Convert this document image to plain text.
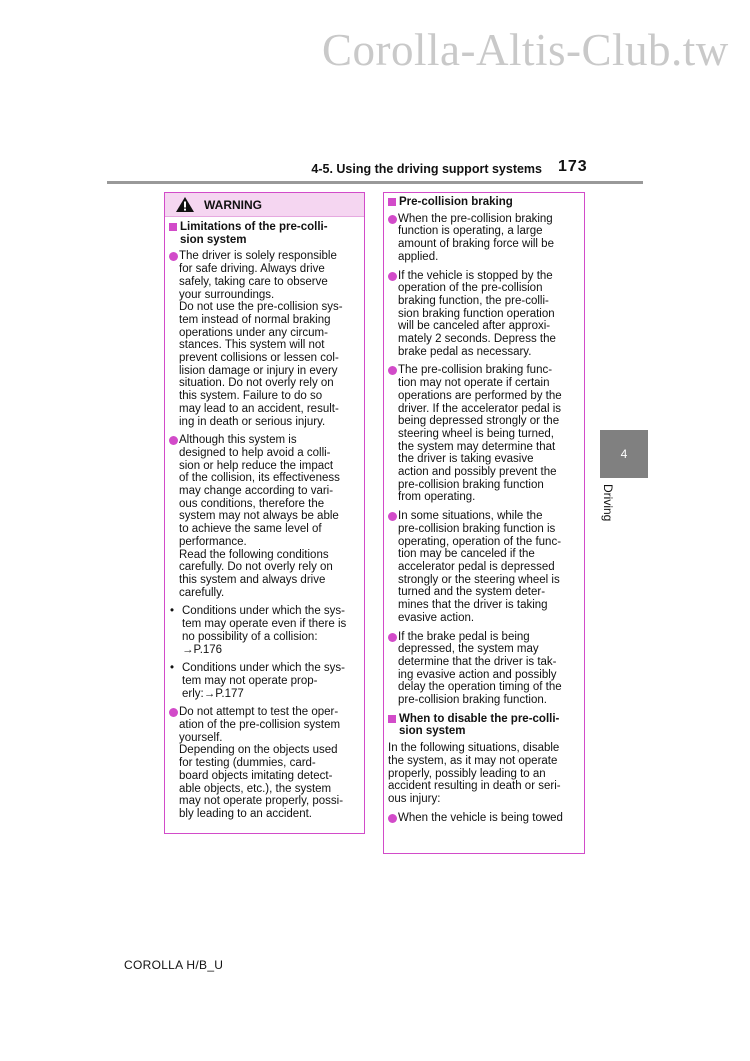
Corolla-Altis-Club.tw
4-5. Using the driving support systems 173
WARNING
Limitations of the pre-colli-
sion system
The driver is solely responsible
for safe driving. Always drive
safely, taking care to observe
your surroundings.
Do not use the pre-collision sys-
tem instead of normal braking
operations under any circum-
stances. This system will not
prevent collisions or lessen col-
lision damage or injury in every
situation. Do not overly rely on
this system. Failure to do so
may lead to an accident, result-
ing in death or serious injury.
Although this system is
designed to help avoid a colli-
sion or help reduce the impact
of the collision, its effectiveness
may change according to vari-
ous conditions, therefore the
system may not always be able
to achieve the same level of
performance.
Read the following conditions
carefully. Do not overly rely on
this system and always drive
carefully.
• Conditions under which the sys-
tem may operate even if there is
no possibility of a collision:
→P.176
• Conditions under which the sys-
tem may not operate prop-
erly:→P.177
Do not attempt to test the oper-
ation of the pre-collision system
yourself.
Depending on the objects used
for testing (dummies, card-
board objects imitating detect-
able objects, etc.), the system
may not operate properly, possi-
bly leading to an accident.
Pre-collision braking
When the pre-collision braking
function is operating, a large
amount of braking force will be
applied.
If the vehicle is stopped by the
operation of the pre-collision
braking function, the pre-colli-
sion braking function operation
will be canceled after approxi-
mately 2 seconds. Depress the
brake pedal as necessary.
The pre-collision braking func-
tion may not operate if certain
operations are performed by the
driver. If the accelerator pedal is
being depressed strongly or the
steering wheel is being turned,
the system may determine that
the driver is taking evasive
action and possibly prevent the
pre-collision braking function
from operating.
In some situations, while the
pre-collision braking function is
operating, operation of the func-
tion may be canceled if the
accelerator pedal is depressed
strongly or the steering wheel is
turned and the system deter-
mines that the driver is taking
evasive action.
If the brake pedal is being
depressed, the system may
determine that the driver is tak-
ing evasive action and possibly
delay the operation timing of the
pre-collision braking function.
When to disable the pre-colli-
sion system
In the following situations, disable
the system, as it may not operate
properly, possibly leading to an
accident resulting in death or seri-
ous injury:
When the vehicle is being towed
4
Driving
COROLLA H/B_U
